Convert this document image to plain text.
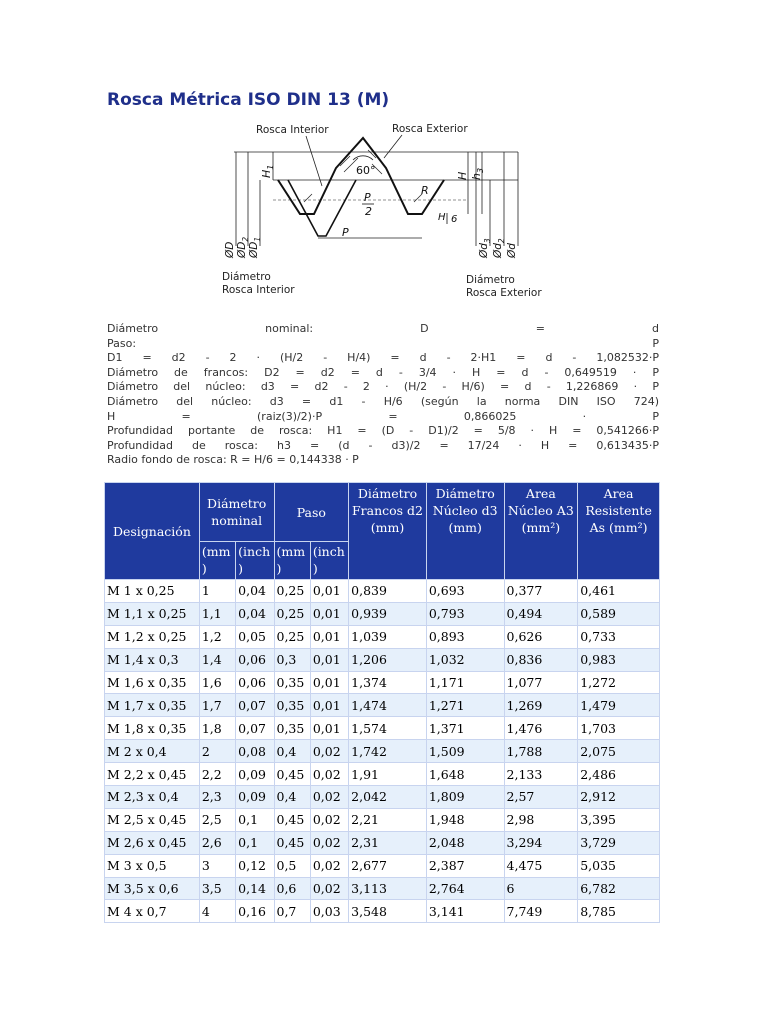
Rosca Métrica ISO DIN 13 (M)
Rosca Interior	Rosca Exterior
60°
P
2
P
R
H 6
$H_1$
H $h_3$
ØD $ØD_2$
$ØD_1$
$Ød_3$
$Ød_2$
Ød
Diámetro
Rosca Interior
Diámetro
Rosca Exterior
Diámetro nominal: D = d
Paso: P
D1 = d2 - 2 · (H/2 - H/4) = d - 2·H1 = d - 1,082532·P
Diámetro de francos: D2 = d2 = d - 3/4 · H = d - 0,649519 · P
Diámetro del núcleo: d3 = d2 - 2 · (H/2 - H/6) = d - 1,226869 · P
Diámetro del núcleo: d3 = d1 - H/6 (según la norma DIN ISO 724)
H = (raiz(3)/2)·P = 0,866025 · P
Profundidad portante de rosca: H1 = (D - D1)/2 = 5/8 · H = 0,541266·P
Profundidad de rosca: h3 = (d - d3)/2 = 17/24 · H = 0,613435·P
Radio fondo de rosca: R = H/6 = 0,144338 · P
Designación	Diámetro nominal		Paso		Diámetro Francos d2 (mm)	Diámetro Núcleo d3 (mm)	Area Núcleo A3 (mm²)	Area Resistente As (mm²)
	(mm )	(inch )	(mm )	(inch )				
M 1 x 0,25	1	0,04	0,25	0,01	0,839	0,693	0,377	0,461
M 1,1 x 0,25	1,1	0,04	0,25	0,01	0,939	0,793	0,494	0,589
M 1,2 x 0,25	1,2	0,05	0,25	0,01	1,039	0,893	0,626	0,733
M 1,4 x 0,3	1,4	0,06	0,3	0,01	1,206	1,032	0,836	0,983
M 1,6 x 0,35	1,6	0,06	0,35	0,01	1,374	1,171	1,077	1,272
M 1,7 x 0,35	1,7	0,07	0,35	0,01	1,474	1,271	1,269	1,479
M 1,8 x 0,35	1,8	0,07	0,35	0,01	1,574	1,371	1,476	1,703
M 2 x 0,4	2	0,08	0,4	0,02	1,742	1,509	1,788	2,075
M 2,2 x 0,45	2,2	0,09	0,45	0,02	1,91	1,648	2,133	2,486
M 2,3 x 0,4	2,3	0,09	0,4	0,02	2,042	1,809	2,57	2,912
M 2,5 x 0,45	2,5	0,1	0,45	0,02	2,21	1,948	2,98	3,395
M 2,6 x 0,45	2,6	0,1	0,45	0,02	2,31	2,048	3,294	3,729
M 3 x 0,5	3	0,12	0,5	0,02	2,677	2,387	4,475	5,035
M 3,5 x 0,6	3,5	0,14	0,6	0,02	3,113	2,764	6	6,782
M 4 x 0,7	4	0,16	0,7	0,03	3,548	3,141	7,749	8,785
